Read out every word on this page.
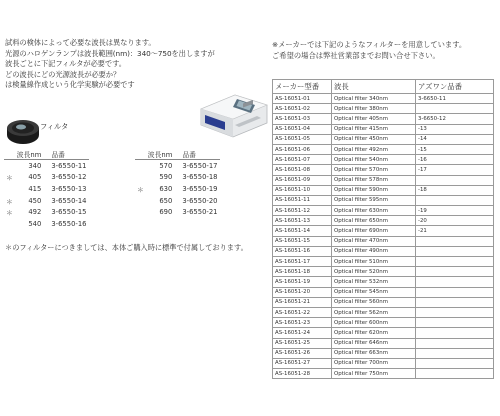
試料の検体によって必要な波長は異なります。
光源のハロゲンランプは波長範囲(nm)：340〜750を出しますが
波長ごとに下記フィルタが必要です。
どの波長にどの光源波長が必要か？
は検量線作成という化学実験が必要です
フィルタ
	波長nm	品番
	340	3-6550-11
＊	405	3-6550-12
	415	3-6550-13
＊	450	3-6550-14
＊	492	3-6550-15
	540	3-6550-16
	波長nm	品番
	570	3-6550-17
	590	3-6550-18
＊	630	3-6550-19
	650	3-6550-20
	690	3-6550-21
＊のフィルターにつきましては、本体ご購入時に標準で付属しております。
※メーカーでは下記のようなフィルターを用意しています。
ご希望の場合は弊社営業部までお問い合せ下さい。
メーカー型番	波長	アズワン品番
AS-16051-01	Optical filter 340nm	3-6650-11
AS-16051-02	Optical filter 380nm	
AS-16051-03	Optical filter 405nm	3-6650-12
AS-16051-04	Optical filter 415nm	-13
AS-16051-05	Optical filter 450nm	-14
AS-16051-06	Optical filter 492nm	-15
AS-16051-07	Optical filter 540nm	-16
AS-16051-08	Optical filter 570nm	-17
AS-16051-09	Optical filter 578nm	
AS-16051-10	Optical filter 590nm	-18
AS-16051-11	Optical filter 595nm	
AS-16051-12	Optical filter 630nm	-19
AS-16051-13	Optical filter 650nm	-20
AS-16051-14	Optical filter 690nm	-21
AS-16051-15	Optical filter 470nm	
AS-16051-16	Optical filter 490nm	
AS-16051-17	Optical filter 510nm	
AS-16051-18	Optical filter 520nm	
AS-16051-19	Optical filter 532nm	
AS-16051-20	Optical filter 545nm	
AS-16051-21	Optical filter 560nm	
AS-16051-22	Optical filter 562nm	
AS-16051-23	Optical filter 600nm	
AS-16051-24	Optical filter 620nm	
AS-16051-25	Optical filter 646nm	
AS-16051-26	Optical filter 663nm	
AS-16051-27	Optical filter 700nm	
AS-16051-28	Optical filter 750nm	
